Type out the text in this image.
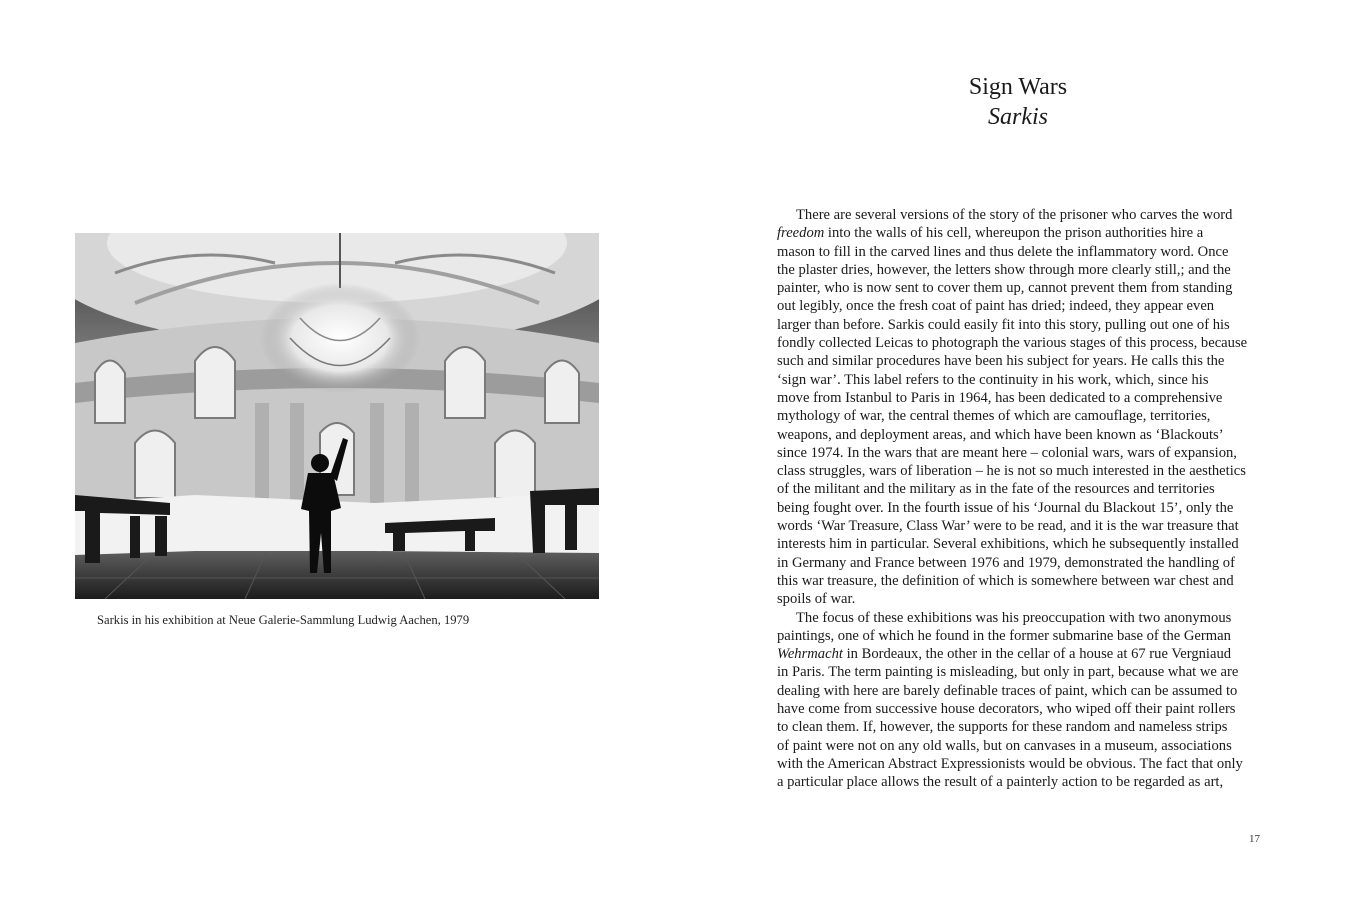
Sarkis in his exhibition at Neue Galerie-Sammlung Ludwig Aachen, 1979
Sign Wars
Sarkis

There are several versions of the story of the prisoner who carves the word
freedom into the walls of his cell, whereupon the prison authorities hire a
mason to fill in the carved lines and thus delete the inflammatory word. Once
the plaster dries, however, the letters show through more clearly still,; and the
painter, who is now sent to cover them up, cannot prevent them from standing
out legibly, once the fresh coat of paint has dried; indeed, they appear even
larger than before. Sarkis could easily fit into this story, pulling out one of his
fondly collected Leicas to photograph the various stages of this process, because
such and similar procedures have been his subject for years. He calls this the
‘sign war’. This label refers to the continuity in his work, which, since his
move from Istanbul to Paris in 1964, has been dedicated to a comprehensive
mythology of war, the central themes of which are camouflage, territories,
weapons, and deployment areas, and which have been known as ‘Blackouts’
since 1974. In the wars that are meant here – colonial wars, wars of expansion,
class struggles, wars of liberation – he is not so much interested in the aesthetics
of the militant and the military as in the fate of the resources and territories
being fought over. In the fourth issue of his ‘Journal du Blackout 15’, only the
words ‘War Treasure, Class War’ were to be read, and it is the war treasure that
interests him in particular. Several exhibitions, which he subsequently installed
in Germany and France between 1976 and 1979, demonstrated the handling of
this war treasure, the definition of which is somewhere between war chest and
spoils of war.

The focus of these exhibitions was his preoccupation with two anonymous
paintings, one of which he found in the former submarine base of the German
Wehrmacht in Bordeaux, the other in the cellar of a house at 67 rue Vergniaud
in Paris. The term painting is misleading, but only in part, because what we are
dealing with here are barely definable traces of paint, which can be assumed to
have come from successive house decorators, who wiped off their paint rollers
to clean them. If, however, the supports for these random and nameless strips
of paint were not on any old walls, but on canvases in a museum, associations
with the American Abstract Expressionists would be obvious. The fact that only
a particular place allows the result of a painterly action to be regarded as art,

17
